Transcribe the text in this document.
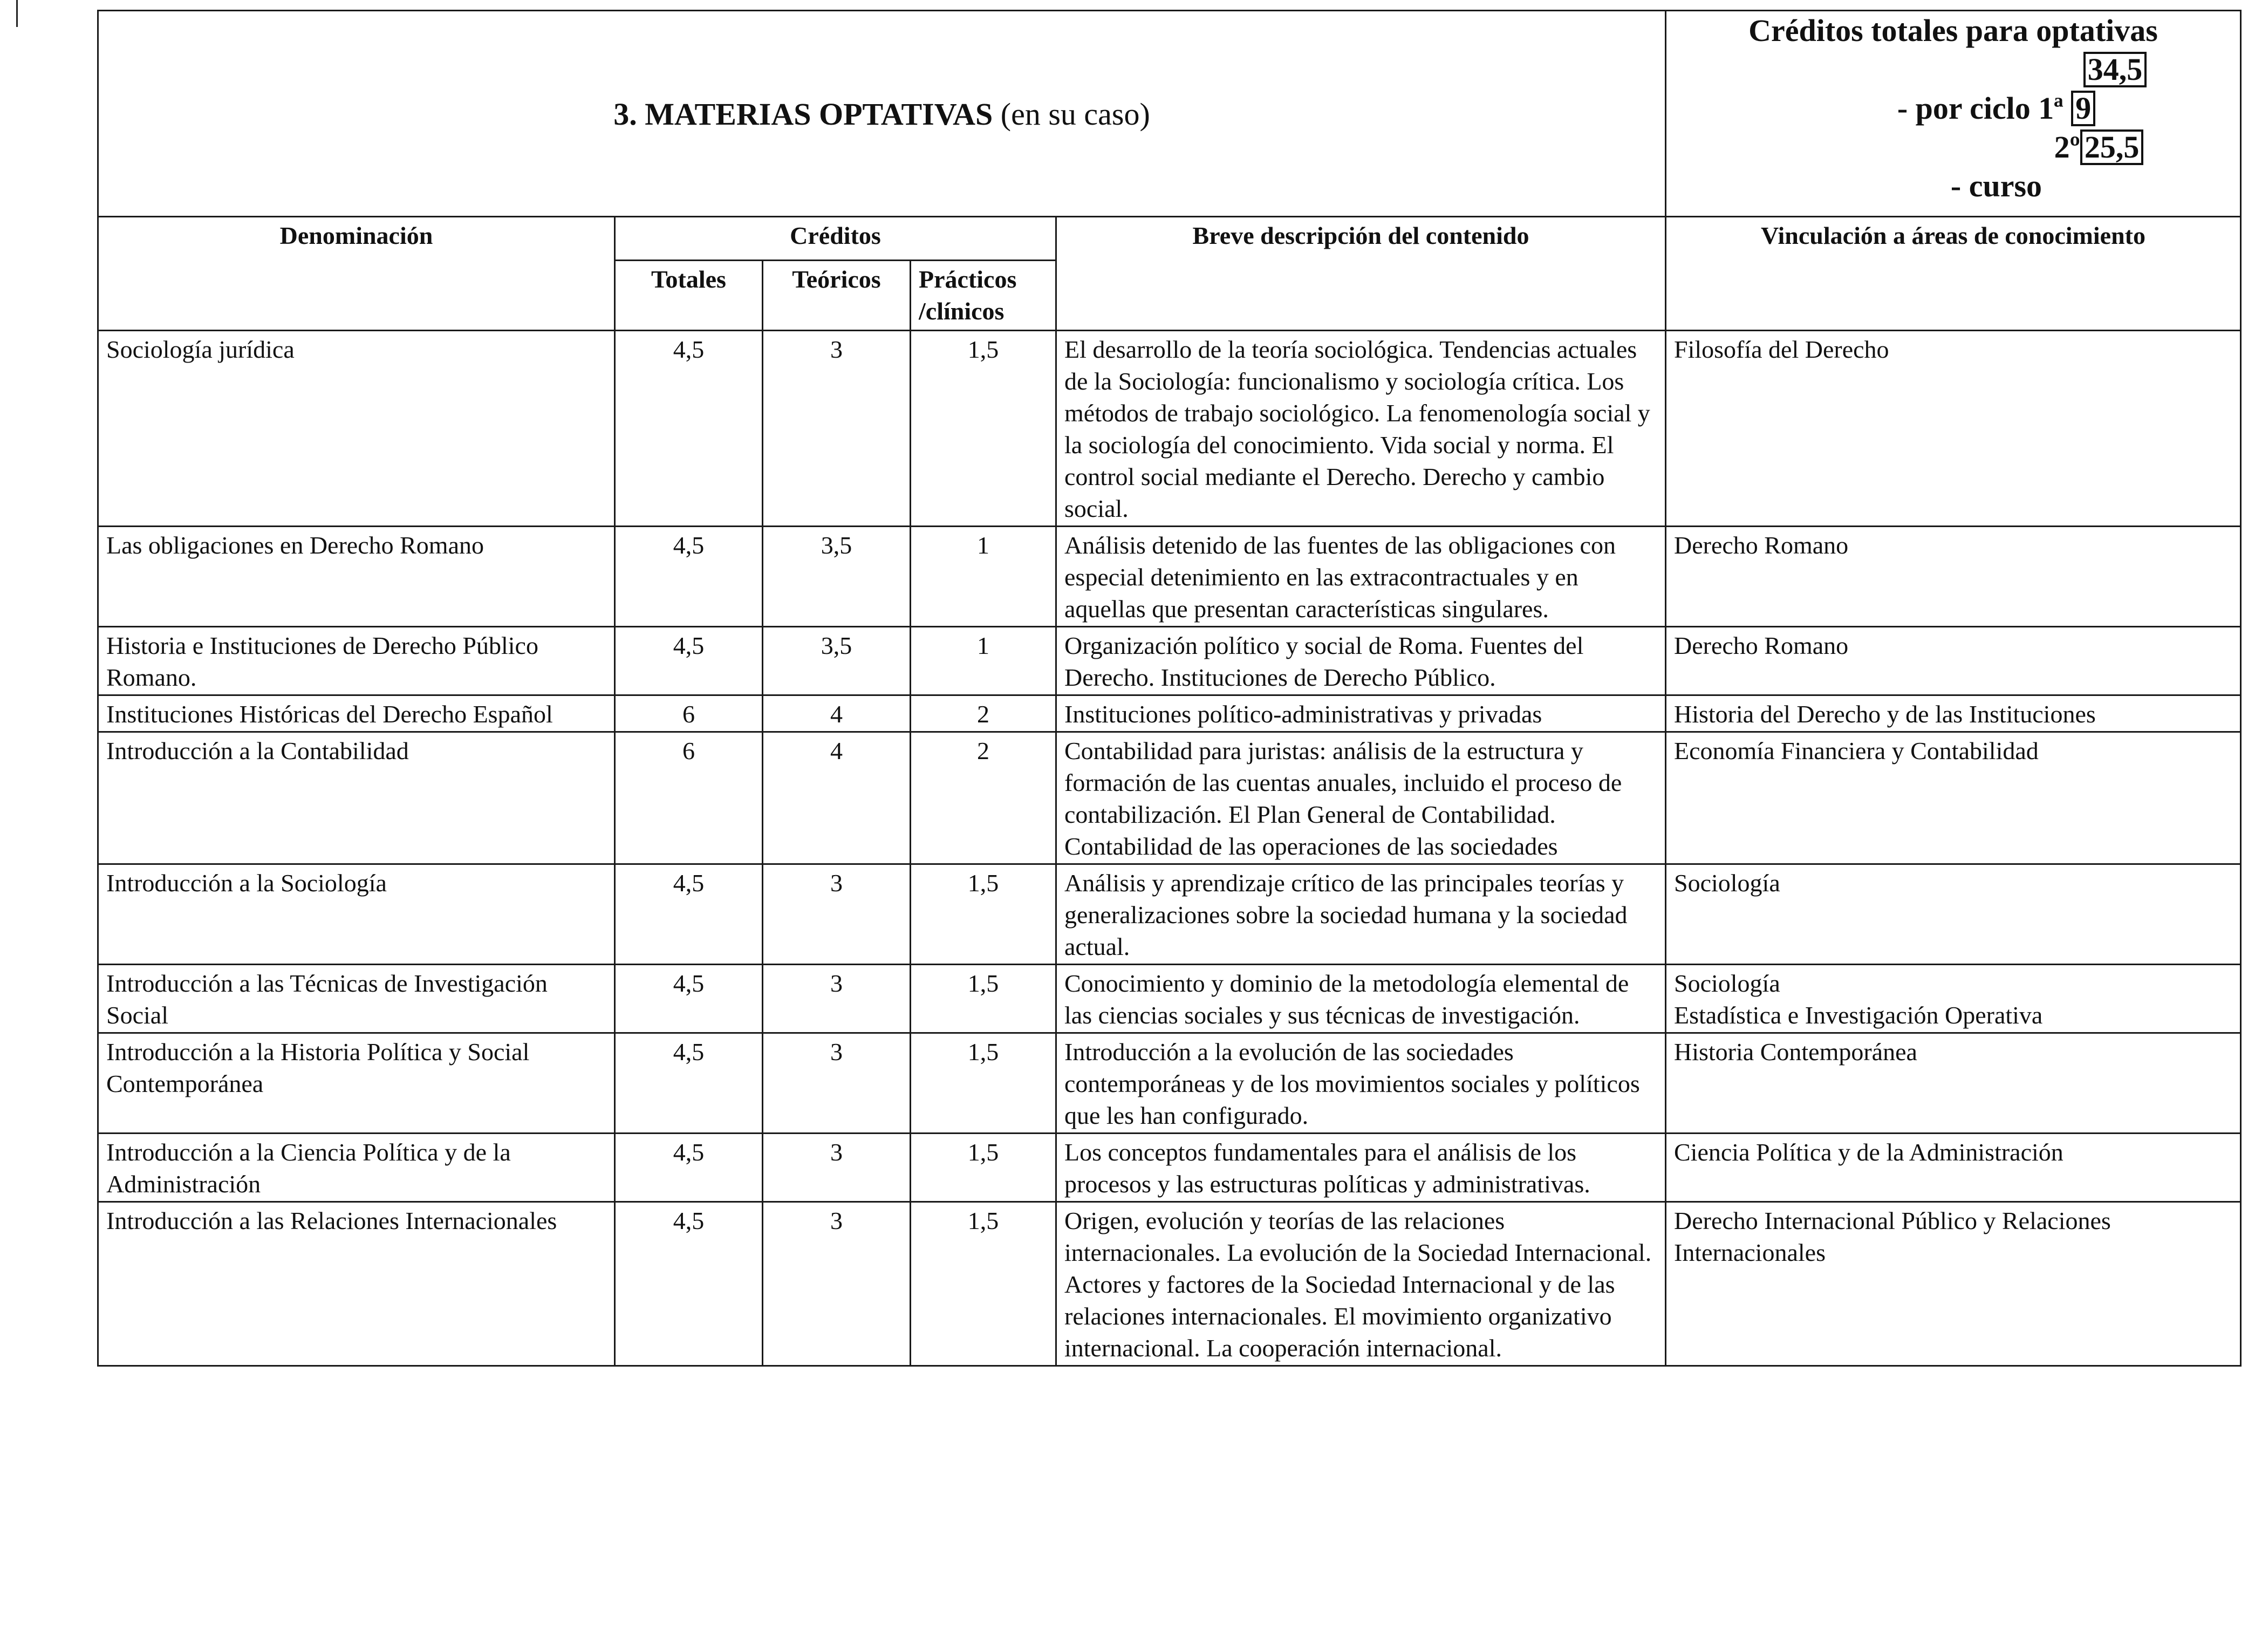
3. MATERIAS OPTATIVAS (en su caso)					Créditos totales para optativas
34,5
- por ciclo 1ª 9
2º 25,5
- curso

Denominación	Créditos			Breve descripción del contenido	Vinculación a áreas de conocimiento
	Totales	Teóricos	Prácticos /clínicos		
Sociología jurídica	4,5	3	1,5	El desarrollo de la teoría sociológica. Tendencias actuales de la Sociología: funcionalismo y sociología crítica. Los métodos de trabajo sociológico. La fenomenología social y la sociología del conocimiento. Vida social y norma. El control social mediante el Derecho. Derecho y cambio social.	Filosofía del Derecho
Las obligaciones en Derecho Romano	4,5	3,5	1	Análisis detenido de las fuentes de las obligaciones con especial detenimiento en las extracontractuales y en aquellas que presentan características singulares.	Derecho Romano
Historia e Instituciones de Derecho Público Romano.	4,5	3,5	1	Organización político y social de Roma. Fuentes del Derecho. Instituciones de Derecho Público.	Derecho Romano
Instituciones Históricas del Derecho Español	6	4	2	Instituciones político-administrativas y privadas	Historia del Derecho y de las Instituciones
Introducción a la Contabilidad	6	4	2	Contabilidad para juristas: análisis de la estructura y formación de las cuentas anuales, incluido el proceso de contabilización. El Plan General de Contabilidad. Contabilidad de las operaciones de las sociedades	Economía Financiera y Contabilidad
Introducción a la Sociología	4,5	3	1,5	Análisis y aprendizaje crítico de las principales teorías y generalizaciones sobre la sociedad humana y la sociedad actual.	Sociología
Introducción a las Técnicas de Investigación Social	4,5	3	1,5	Conocimiento y dominio de la metodología elemental de las ciencias sociales y sus técnicas de investigación.	Sociología
Estadística e Investigación Operativa
Introducción a la Historia Política y Social Contemporánea	4,5	3	1,5	Introducción a la evolución de las sociedades contemporáneas y de los movimientos sociales y políticos que les han configurado.	Historia Contemporánea
Introducción a la Ciencia Política y de la Administración	4,5	3	1,5	Los conceptos fundamentales para el análisis de los procesos y las estructuras políticas y administrativas.	Ciencia Política y de la Administración
Introducción a las Relaciones Internacionales	4,5	3	1,5	Origen, evolución y teorías de las relaciones internacionales. La evolución de la Sociedad Internacional. Actores y factores de la Sociedad Internacional y de las relaciones internacionales. El movimiento organizativo internacional. La cooperación internacional.	Derecho Internacional Público y Relaciones Internacionales
